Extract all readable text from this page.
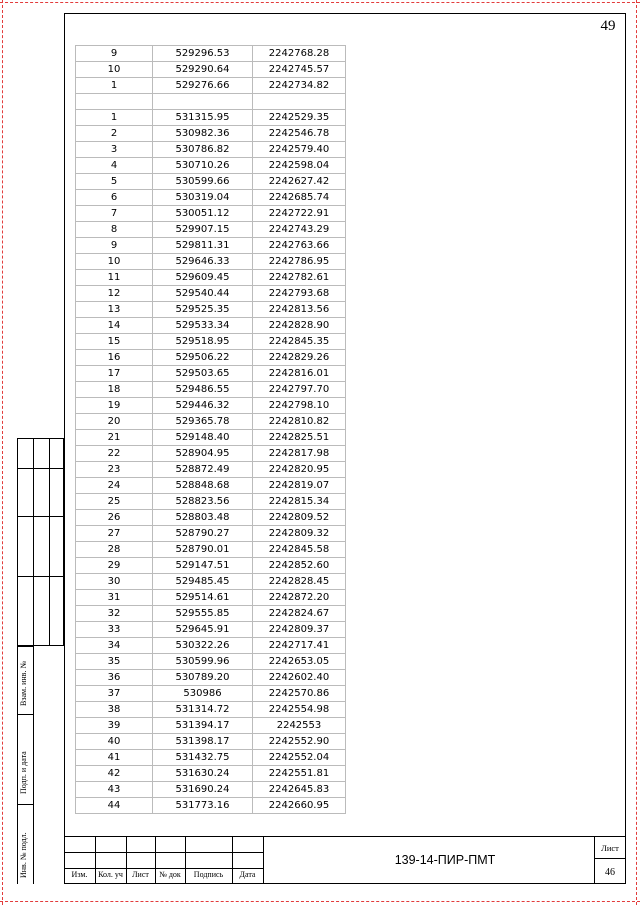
49
9	529296.53	2242768.28
10	529290.64	2242745.57
1	529276.66	2242734.82

1	531315.95	2242529.35
2	530982.36	2242546.78
3	530786.82	2242579.40
4	530710.26	2242598.04
5	530599.66	2242627.42
6	530319.04	2242685.74
7	530051.12	2242722.91
8	529907.15	2242743.29
9	529811.31	2242763.66
10	529646.33	2242786.95
11	529609.45	2242782.61
12	529540.44	2242793.68
13	529525.35	2242813.56
14	529533.34	2242828.90
15	529518.95	2242845.35
16	529506.22	2242829.26
17	529503.65	2242816.01
18	529486.55	2242797.70
19	529446.32	2242798.10
20	529365.78	2242810.82
21	529148.40	2242825.51
22	528904.95	2242817.98
23	528872.49	2242820.95
24	528848.68	2242819.07
25	528823.56	2242815.34
26	528803.48	2242809.52
27	528790.27	2242809.32
28	528790.01	2242845.58
29	529147.51	2242852.60
30	529485.45	2242828.45
31	529514.61	2242872.20
32	529555.85	2242824.67
33	529645.91	2242809.37
34	530322.26	2242717.41
35	530599.96	2242653.05
36	530789.20	2242602.40
37	530986	2242570.86
38	531314.72	2242554.98
39	531394.17	2242553
40	531398.17	2242552.90
41	531432.75	2242552.04
42	531630.24	2242551.81
43	531690.24	2242645.83
44	531773.16	2242660.95
Взам. инв. №
Подп. и дата
Инв. № подл.	Изм.	Кол. уч	Лист	№ док	Подпись	Дата
139-14-ПИР-ПМТ
Лист
46
